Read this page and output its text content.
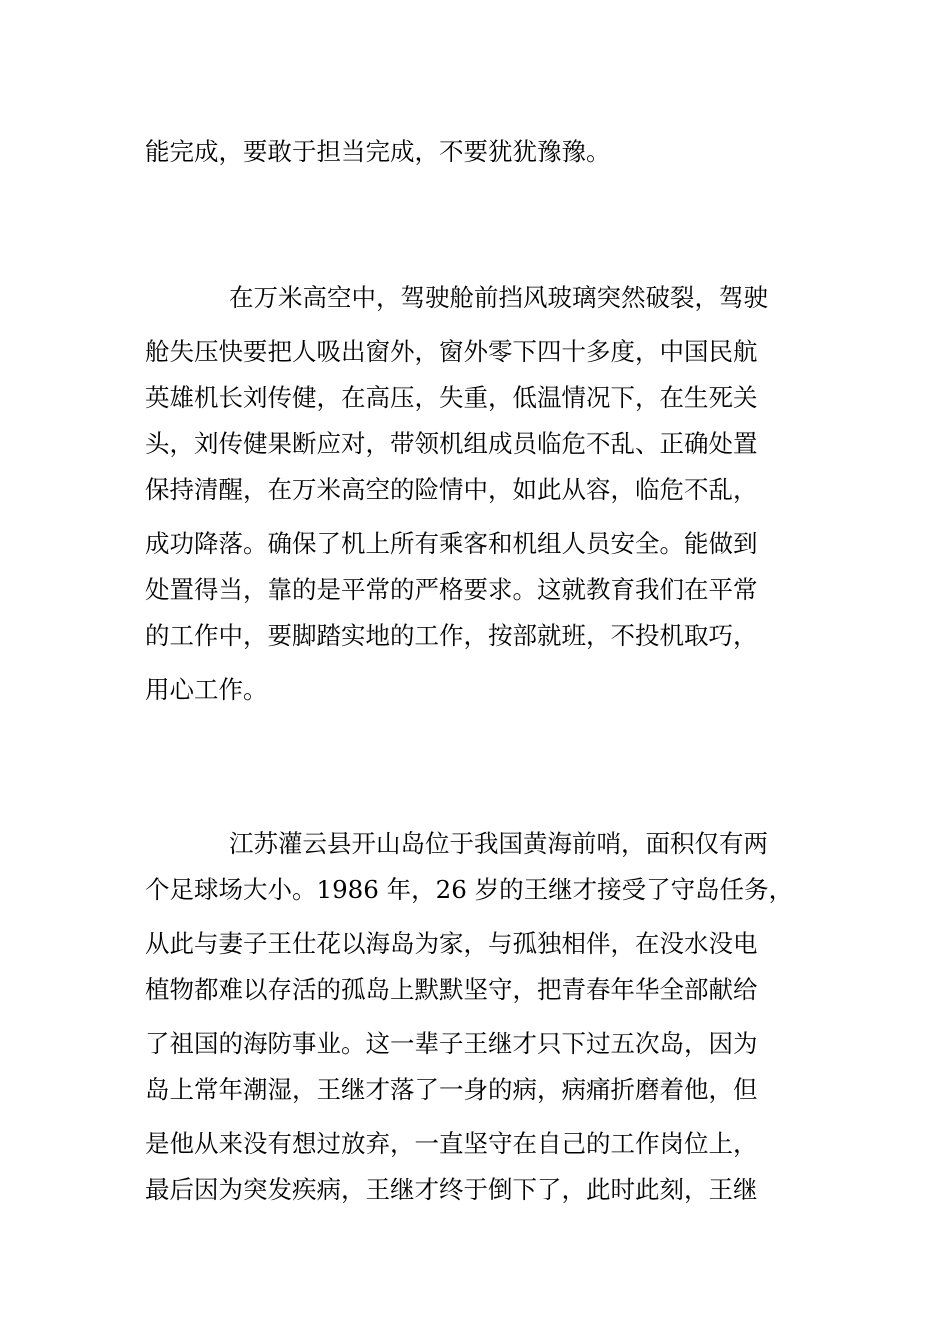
能完成，要敢于担当完成，不要犹犹豫豫。
在万米高空中，驾驶舱前挡风玻璃突然破裂，驾驶
舱失压快要把人吸出窗外，窗外零下四十多度，中国民航
英雄机长刘传健，在高压，失重，低温情况下，在生死关
头，刘传健果断应对，带领机组成员临危不乱、正确处置
保持清醒，在万米高空的险情中，如此从容，临危不乱，
成功降落。确保了机上所有乘客和机组人员安全。能做到
处置得当，靠的是平常的严格要求。这就教育我们在平常
的工作中，要脚踏实地的工作，按部就班，不投机取巧，
用心工作。
江苏灌云县开山岛位于我国黄海前哨，面积仅有两
个足球场大小。1986 年，26 岁的王继才接受了守岛任务，
从此与妻子王仕花以海岛为家，与孤独相伴，在没水没电
植物都难以存活的孤岛上默默坚守，把青春年华全部献给
了祖国的海防事业。这一辈子王继才只下过五次岛，因为
岛上常年潮湿，王继才落了一身的病，病痛折磨着他，但
是他从来没有想过放弃，一直坚守在自己的工作岗位上，
最后因为突发疾病，王继才终于倒下了，此时此刻，王继
